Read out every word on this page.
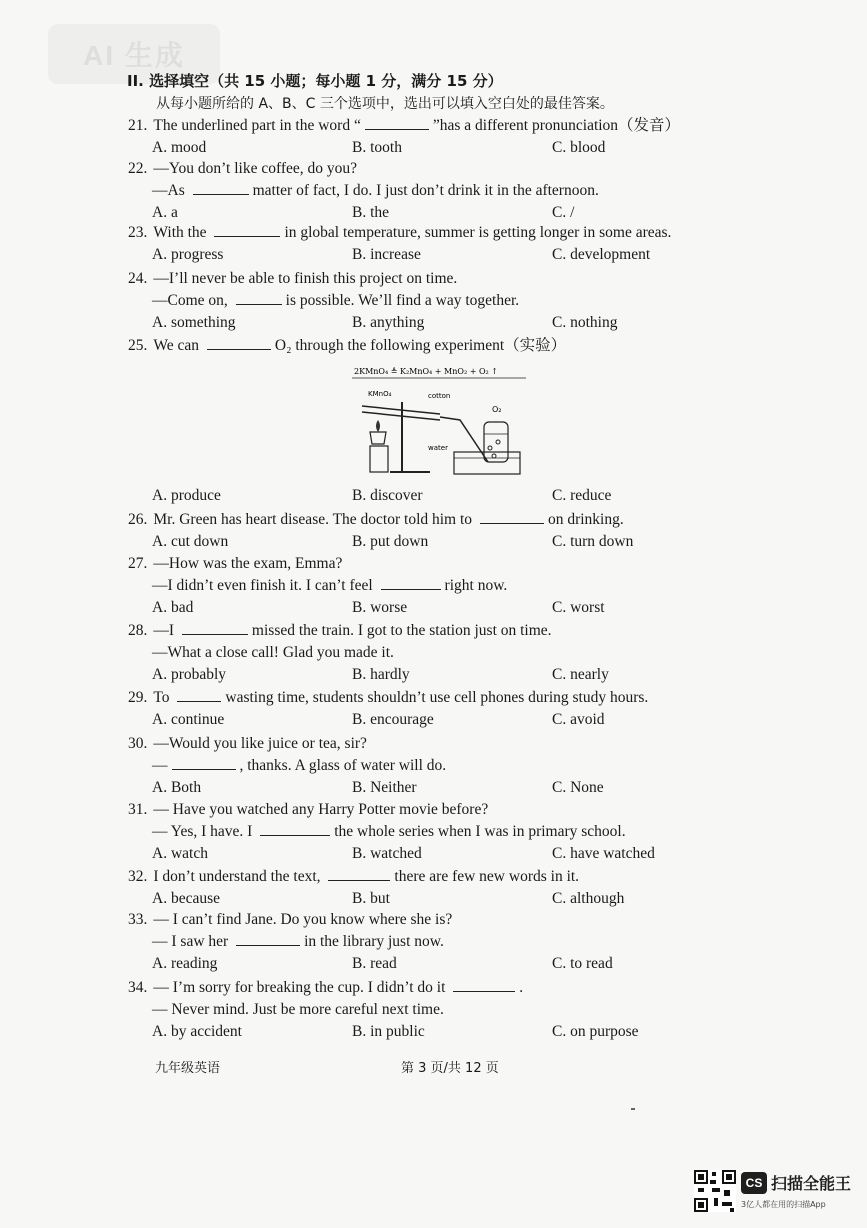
AI 生成
II. 选择填空（共 15 小题；每小题 1 分，满分 15 分）
从每小题所给的 A、B、C 三个选项中，选出可以填入空白处的最佳答案。
21. The underlined part in the word “	”has a different pronunciation（发音）
A. mood	B. tooth	C. blood
22. —You don’t like coffee, do you?
—As	matter of fact, I do. I just don’t drink it in the afternoon.
A. a	B. the	C. /
23. With the	in global temperature, summer is getting longer in some areas.
A. progress	B. increase	C. development
24. —I’ll never be able to finish this project on time.
—Come on,	is possible. We’ll find a way together.
A. something	B. anything	C. nothing
25. We can	O₂ through the following experiment（实验）
A. produce	B. discover	C. reduce
26. Mr. Green has heart disease. The doctor told him to	on drinking.
A. cut down	B. put down	C. turn down
27. —How was the exam, Emma?
—I didn’t even finish it. I can’t feel	right now.
A. bad	B. worse	C. worst
28. —I	missed the train. I got to the station just on time.
—What a close call! Glad you made it.
A. probably	B. hardly	C. nearly
29. To	wasting time, students shouldn’t use cell phones during study hours.
A. continue	B. encourage	C. avoid
30. —Would you like juice or tea, sir?
—	, thanks. A glass of water will do.
A. Both	B. Neither	C. None
31. — Have you watched any Harry Potter movie before?
— Yes, I have. I	the whole series when I was in primary school.
A. watch	B. watched	C. have watched
32. I don’t understand the text,	there are few new words in it.
A. because	B. but	C. although
33. — I can’t find Jane. Do you know where she is?
— I saw her	in the library just now.
A. reading	B. read	C. to read
34. — I’m sorry for breaking the cup. I didn’t do it	.
— Never mind. Just be more careful next time.
A. by accident	B. in public	C. on purpose
2KMnO₄ ≜ K₂MnO₄ + MnO₂ + O₂ ↑
KMnO₄	cotton
O₂
water
九年级英语	第 3 页/共 12 页
CS 扫描全能王
3亿人都在用的扫描App
